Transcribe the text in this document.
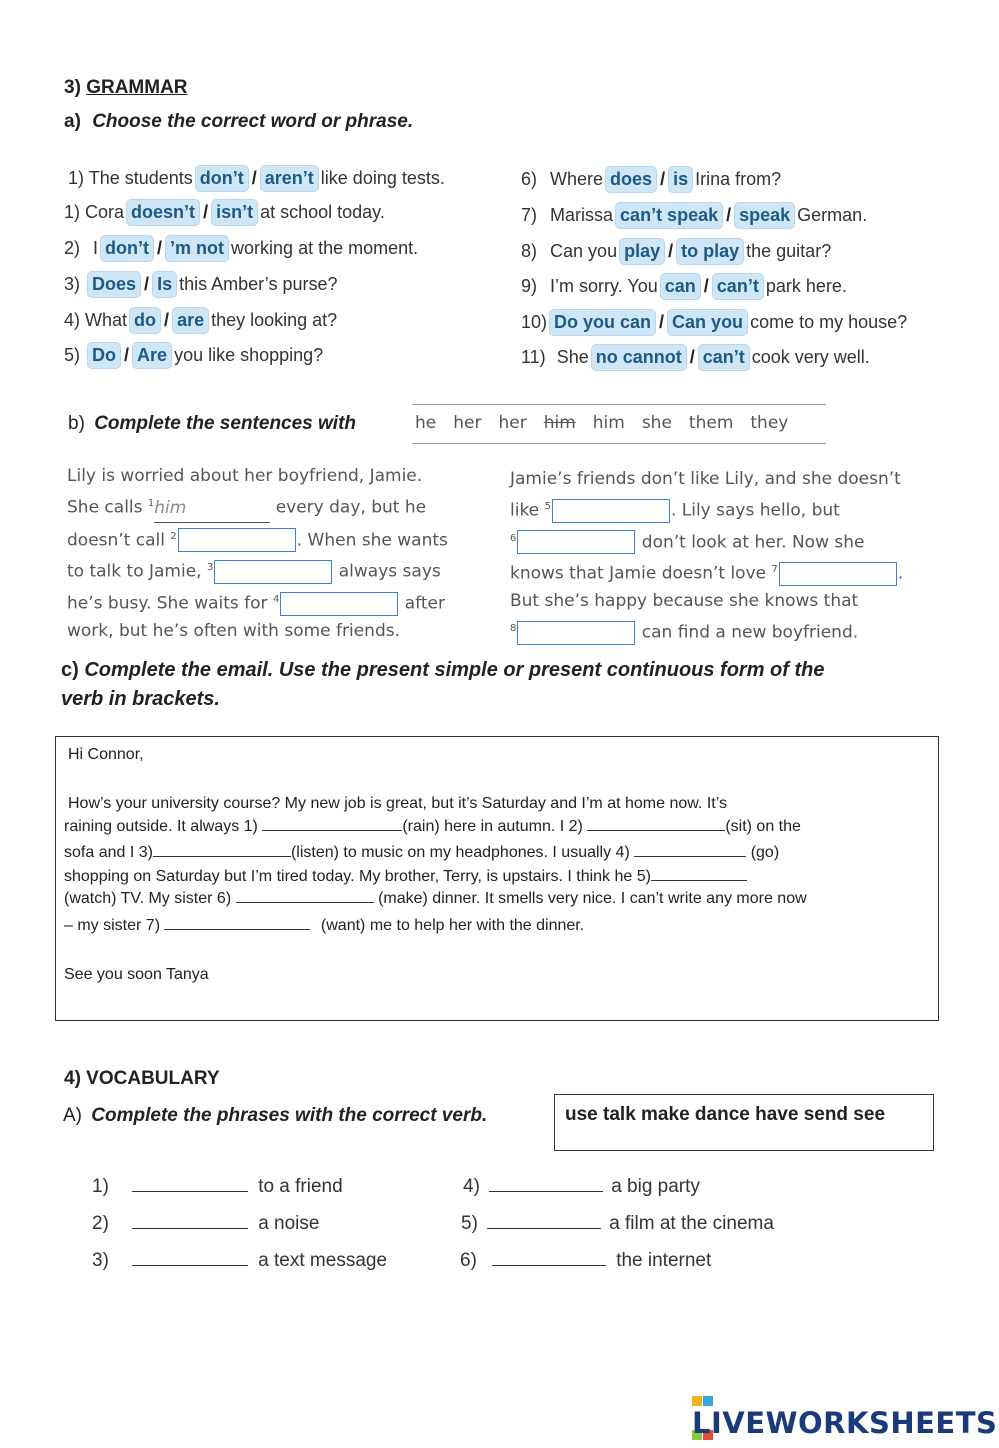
3) GRAMMAR
a) Choose the correct word or phrase.
1) The students don’t / aren’t like doing tests.
1) Cora doesn’t / isn’t at school today.
2) I don’t / ’m not working at the moment.
3) Does / Is this Amber’s purse?
4) What do / are they looking at?
5) Do / Are you like shopping?
6) Where does / is Irina from?
7) Marissa can’t speak / speak German.
8) Can you play / to play the guitar?
9) I’m sorry. You can / can’t park here.
10) Do you can / Can you come to my house?
11) She no cannot / can’t cook very well.
b) Complete the sentences with	he her her him him she them they
Lily is worried about her boyfriend, Jamie.
She calls $^1$him	every day, but he
doesn’t call $^2$	. When she wants
to talk to Jamie, $^3$	always says
he’s busy. She waits for $^4$	after
work, but he’s often with some friends.
Jamie’s friends don’t like Lily, and she doesn’t
like $^5$	. Lily says hello, but
$^6$	don’t look at her. Now she
knows that Jamie doesn’t love $^7$	.
But she’s happy because she knows that
$^8$	can find a new boyfriend.
c) Complete the email. Use the present simple or present continuous form of the
verb in brackets.
Hi Connor,
How’s your university course? My new job is great, but it’s Saturday and I’m at home now. It’s
raining outside. It always 1)	(rain) here in autumn. I 2)	(sit) on the
sofa and I 3)	(listen) to music on my headphones. I usually 4)	(go)
shopping on Saturday but I’m tired today. My brother, Terry, is upstairs. I think he 5)
(watch) TV. My sister 6)	(make) dinner. It smells very nice. I can’t write any more now
– my sister 7)	(want) me to help her with the dinner.
See you soon Tanya
4) VOCABULARY
A) Complete the phrases with the correct verb.	use talk make dance have send see
1)	to a friend
2)	a noise
3)	a text message
4)	a big party
5)	a film at the cinema
6)	the internet
LIVEWORKSHEETS
